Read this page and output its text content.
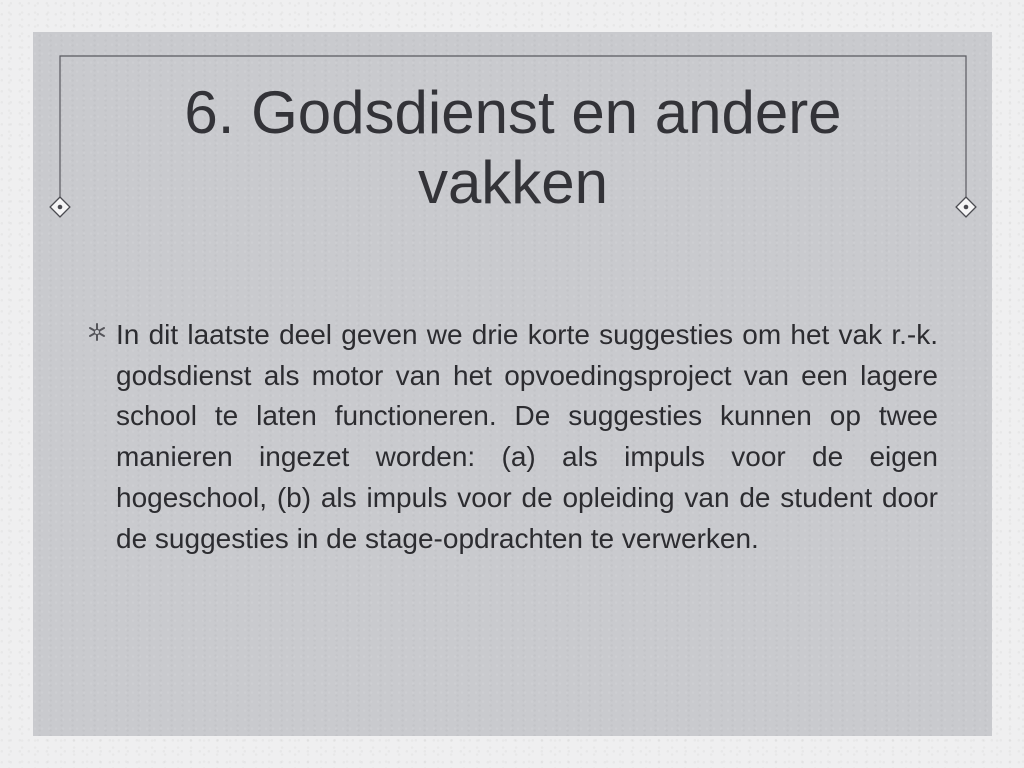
6. Godsdienst en andere vakken
In dit laatste deel geven we drie korte suggesties om het vak r.-k. godsdienst als motor van het opvoedingsproject van een lagere school te laten functioneren. De suggesties kunnen op twee manieren ingezet worden: (a) als impuls voor de eigen hogeschool, (b) als impuls voor de opleiding van de student door de suggesties in de stage-opdrachten te verwerken.
